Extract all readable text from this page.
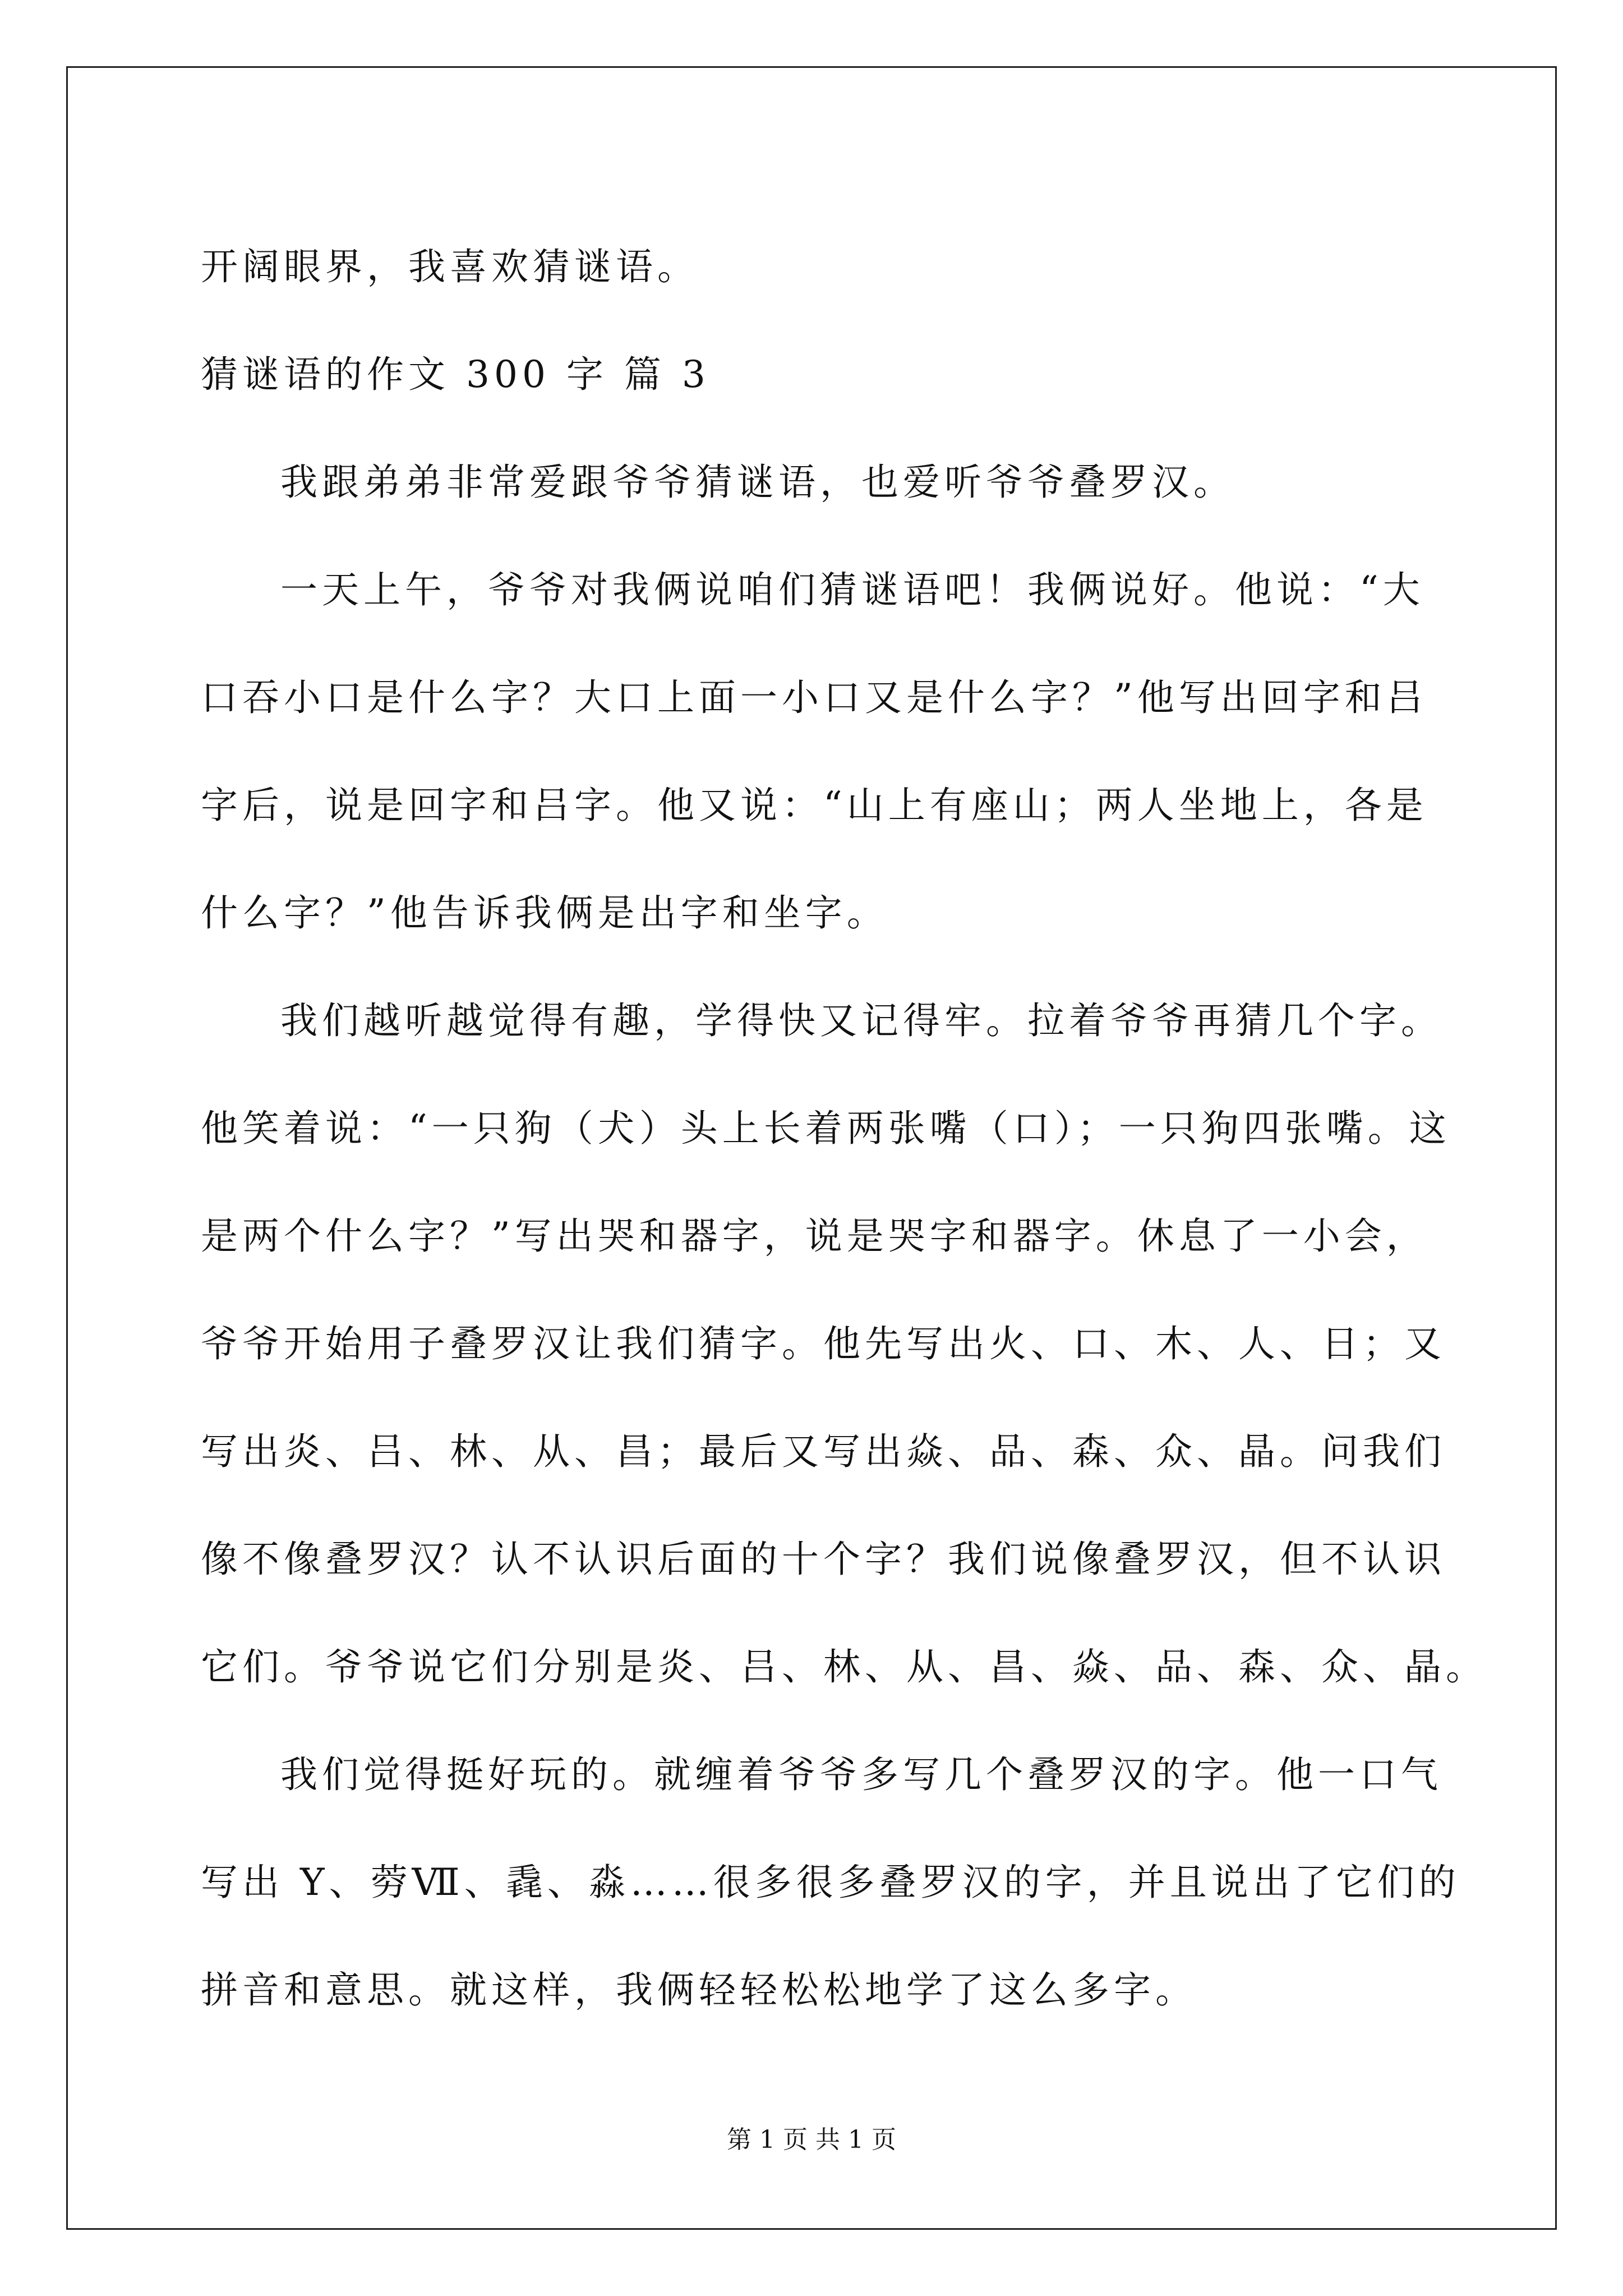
开阔眼界，我喜欢猜谜语。
猜谜语的作文 300 字 篇 3
我跟弟弟非常爱跟爷爷猜谜语，也爱听爷爷叠罗汉。
一天上午，爷爷对我俩说咱们猜谜语吧！我俩说好。他说：“大
口吞小口是什么字？大口上面一小口又是什么字？”他写出回字和吕
字后，说是回字和吕字。他又说：“山上有座山；两人坐地上，各是
什么字？”他告诉我俩是出字和坐字。
我们越听越觉得有趣，学得快又记得牢。拉着爷爷再猜几个字。
他笑着说：“一只狗（犬）头上长着两张嘴（口）；一只狗四张嘴。这
是两个什么字？”写出哭和器字，说是哭字和器字。休息了一小会，
爷爷开始用子叠罗汉让我们猜字。他先写出火、口、木、人、日；又
写出炎、吕、林、从、昌；最后又写出焱、品、森、众、晶。问我们
像不像叠罗汉？认不认识后面的十个字？我们说像叠罗汉，但不认识
它们。爷爷说它们分别是炎、吕、林、从、昌、焱、品、森、众、晶。
我们觉得挺好玩的。就缠着爷爷多写几个叠罗汉的字。他一口气
写出 Y、䓖Ⅶ、毳、淼……很多很多叠罗汉的字，并且说出了它们的
拼音和意思。就这样，我俩轻轻松松地学了这么多字。
第 1 页 共 1 页
